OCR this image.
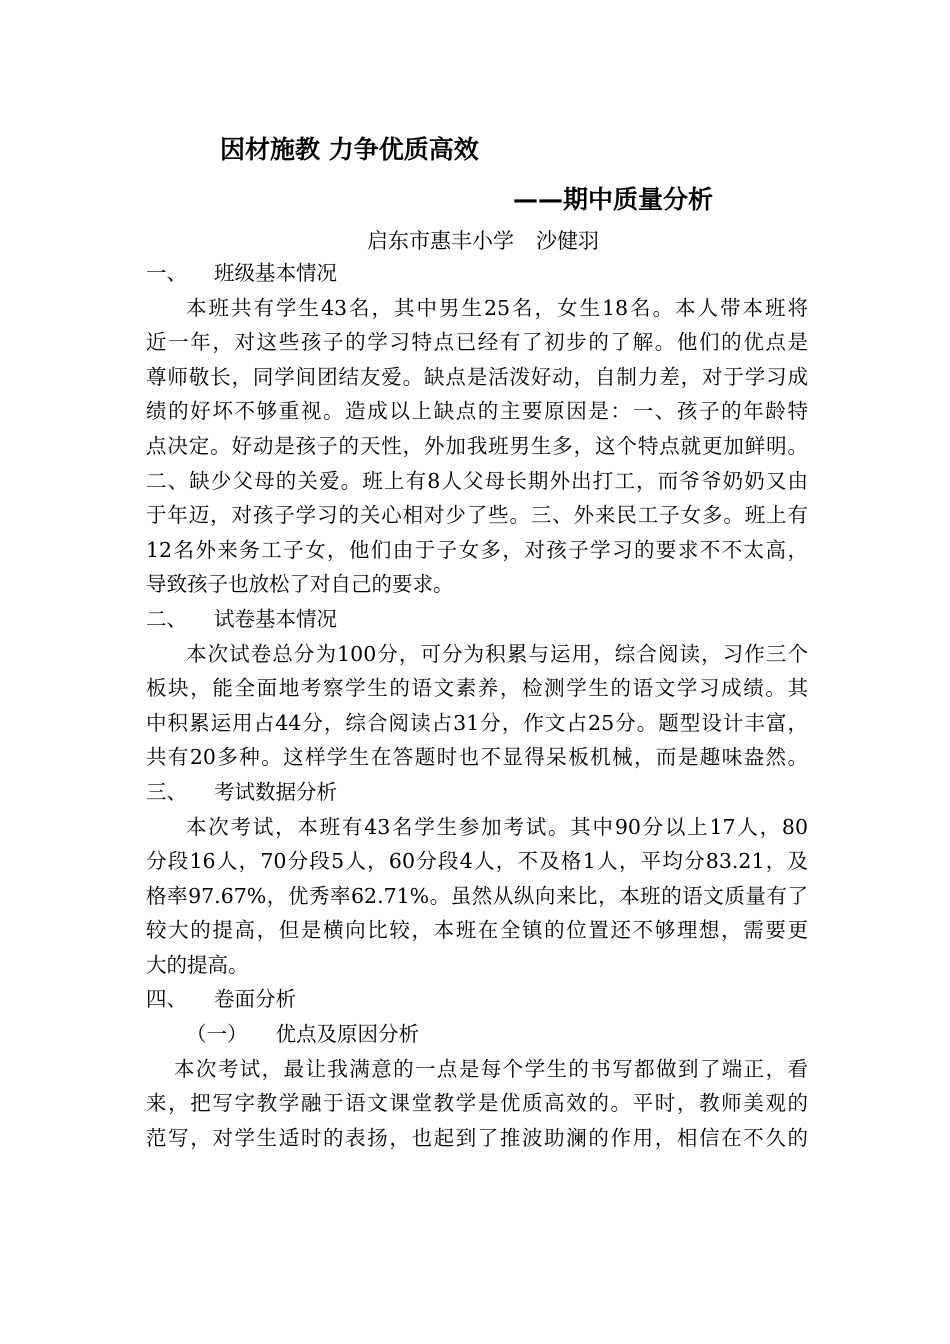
因材施教 力争优质高效
——期中质量分析
启东市惠丰小学 沙健羽
一、 班级基本情况
本班共有学生43名，其中男生25名，女生18名。本人带本班将
近一年，对这些孩子的学习特点已经有了初步的了解。他们的优点是
尊师敬长，同学间团结友爱。缺点是活泼好动，自制力差，对于学习成
绩的好坏不够重视。造成以上缺点的主要原因是：一、孩子的年龄特
点决定。好动是孩子的天性，外加我班男生多，这个特点就更加鲜明。
二、缺少父母的关爱。班上有8人父母长期外出打工，而爷爷奶奶又由
于年迈，对孩子学习的关心相对少了些。三、外来民工子女多。班上有
12名外来务工子女，他们由于子女多，对孩子学习的要求不不太高，
导致孩子也放松了对自己的要求。
二、 试卷基本情况
本次试卷总分为100分，可分为积累与运用，综合阅读，习作三个
板块，能全面地考察学生的语文素养，检测学生的语文学习成绩。其
中积累运用占44分，综合阅读占31分，作文占25分。题型设计丰富，
共有20多种。这样学生在答题时也不显得呆板机械，而是趣味盎然。
三、 考试数据分析
本次考试，本班有43名学生参加考试。其中90分以上17人，80
分段16人，70分段5人，60分段4人，不及格1人，平均分83.21，及
格率97.67%，优秀率62.71%。虽然从纵向来比，本班的语文质量有了
较大的提高，但是横向比较，本班在全镇的位置还不够理想，需要更
大的提高。
四、 卷面分析
（一） 优点及原因分析
本次考试，最让我满意的一点是每个学生的书写都做到了端正，看
来，把写字教学融于语文课堂教学是优质高效的。平时，教师美观的
范写，对学生适时的表扬，也起到了推波助澜的作用，相信在不久的
